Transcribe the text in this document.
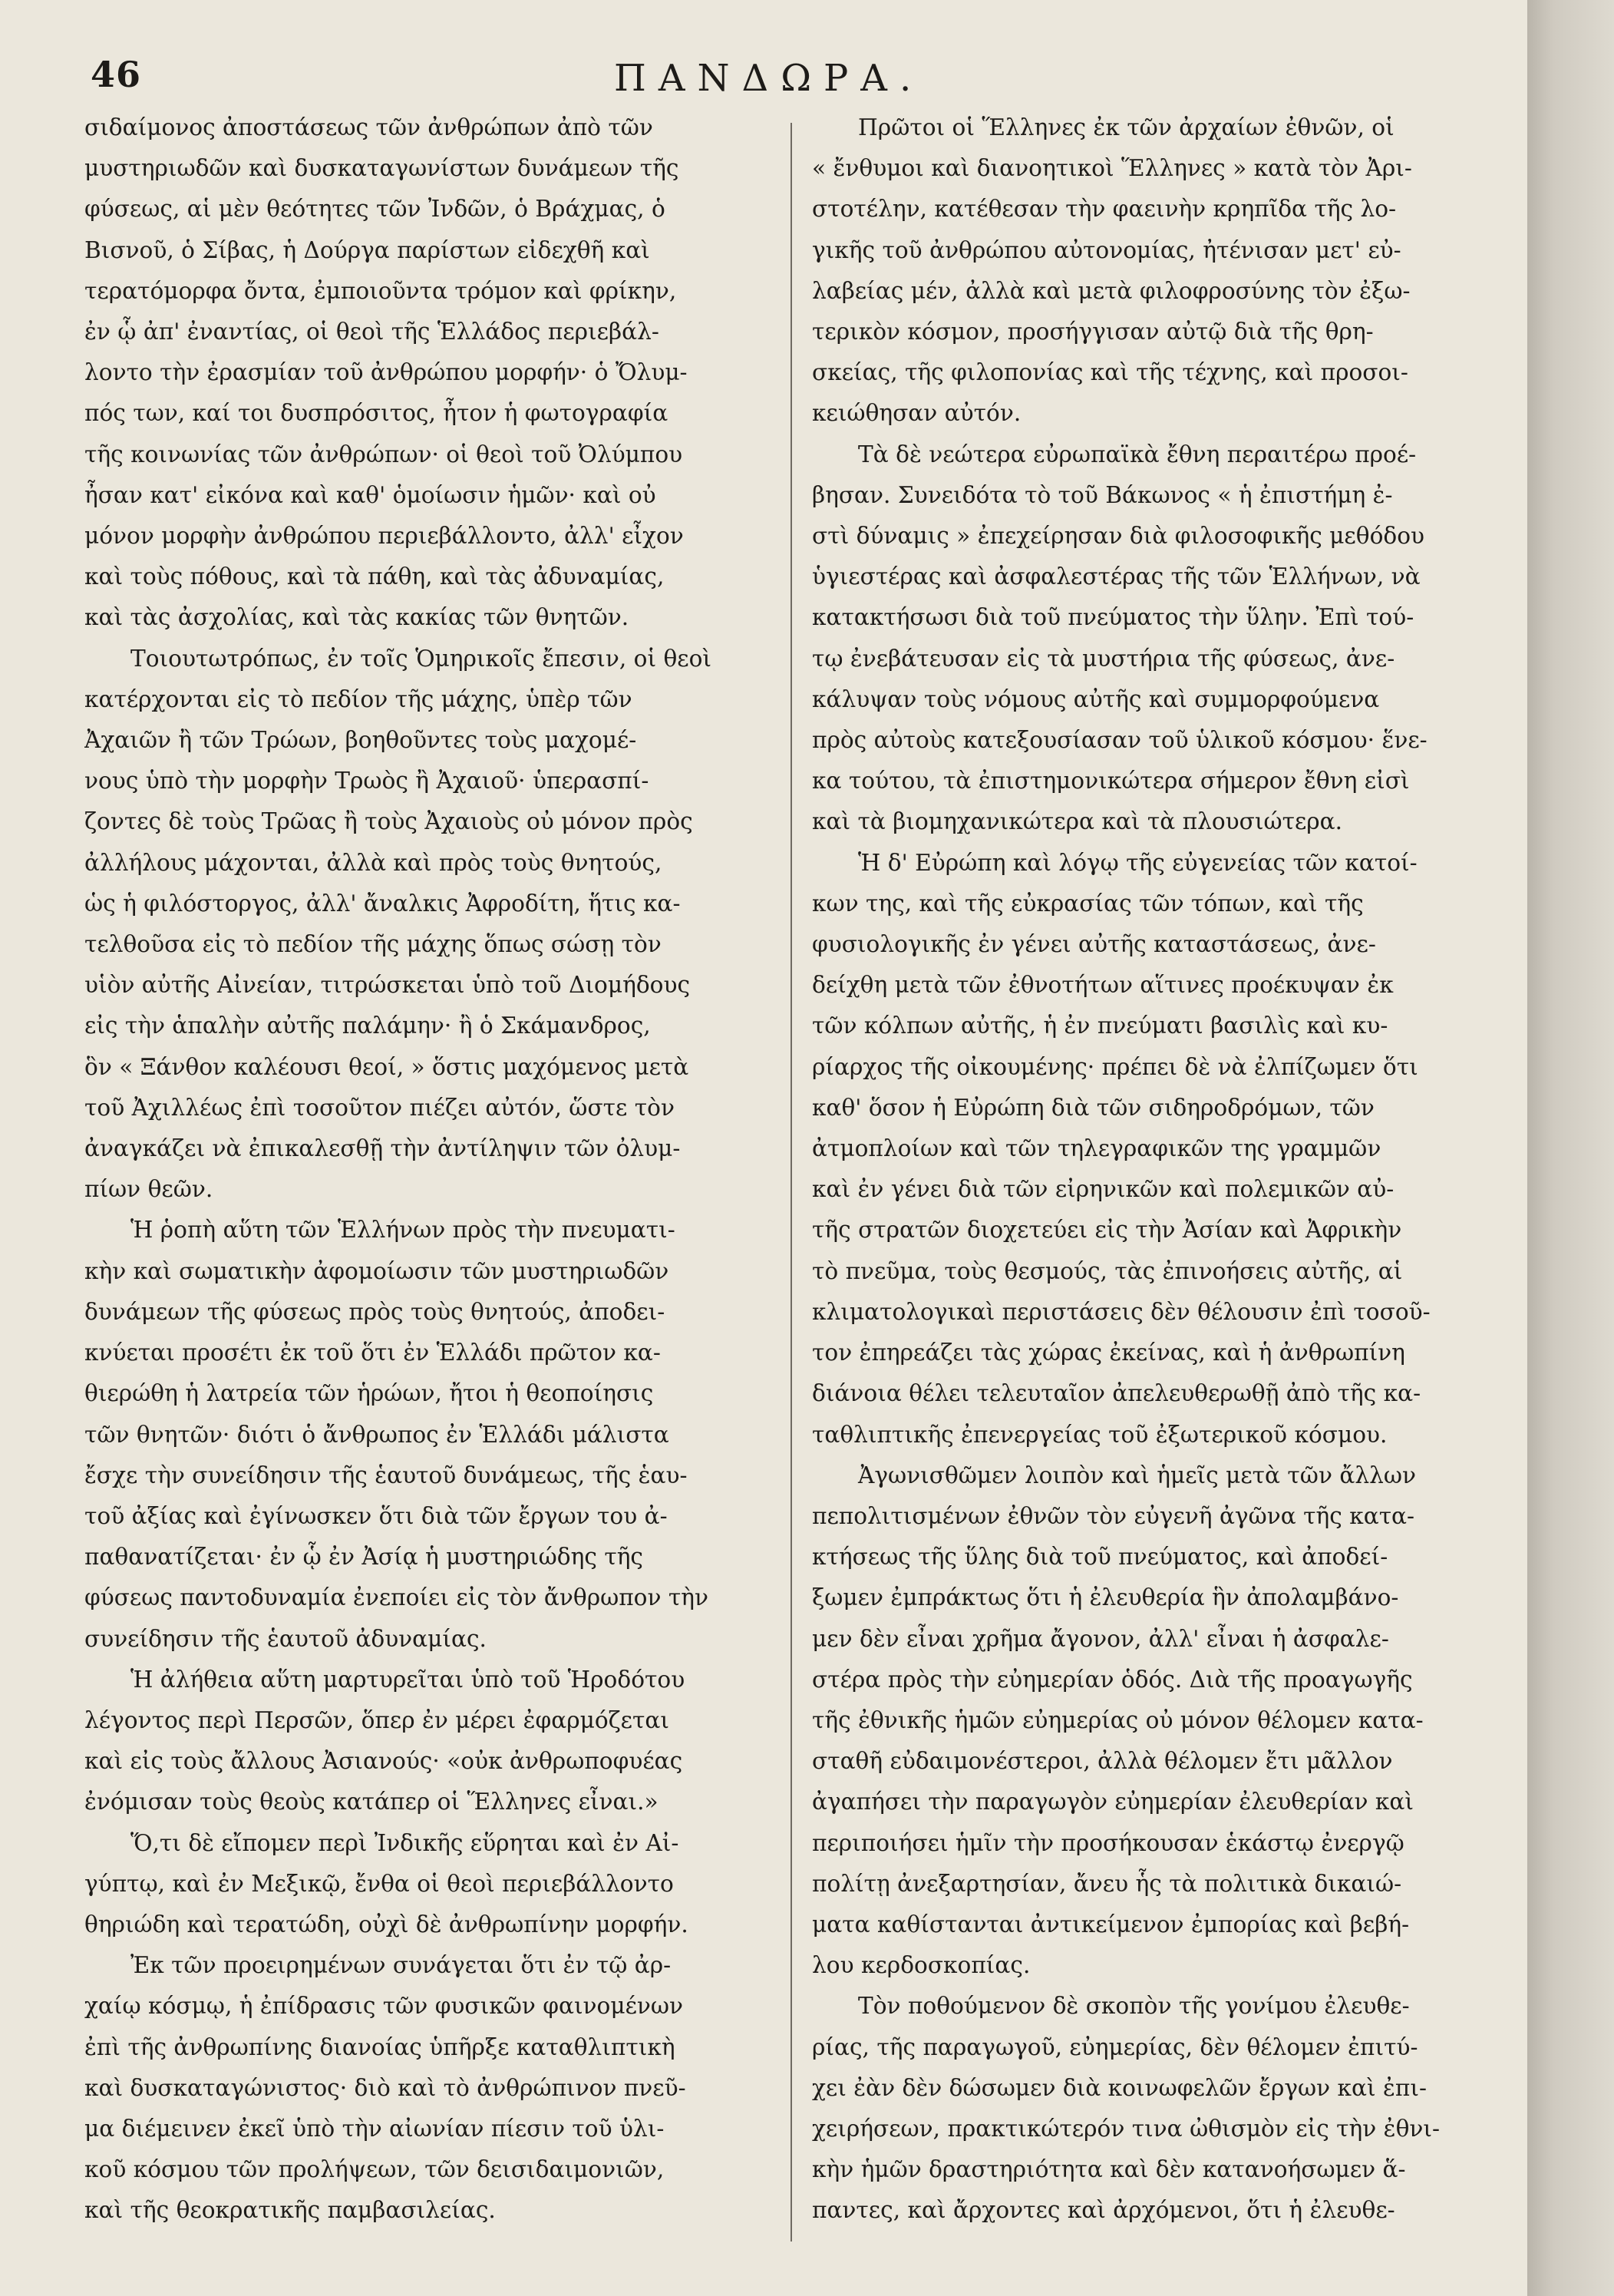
46	ΠΑΝΔΩΡΑ.
σιδαίμονος ἀποστάσεως τῶν ἀνθρώπων ἀπὸ τῶν
μυστηριωδῶν καὶ δυσκαταγωνίστων δυνάμεων τῆς
φύσεως, αἱ μὲν θεότητες τῶν Ἰνδῶν, ὁ Βράχμας, ὁ
Βισνοῦ, ὁ Σίβας, ἡ Δούργα παρίστων εἰδεχθῆ καὶ
τερατόμορφα ὄντα, ἐμποιοῦντα τρόμον καὶ φρίκην,
ἐν ᾧ ἀπ' ἐναντίας, οἱ θεοὶ τῆς Ἑλλάδος περιεβάλ-
λοντο τὴν ἐρασμίαν τοῦ ἀνθρώπου μορφήν· ὁ Ὄλυμ-
πός των, καί τοι δυσπρόσιτος, ἦτον ἡ φωτογραφία
τῆς κοινωνίας τῶν ἀνθρώπων· οἱ θεοὶ τοῦ Ὀλύμπου
ἦσαν κατ' εἰκόνα καὶ καθ' ὁμοίωσιν ἡμῶν· καὶ οὐ
μόνον μορφὴν ἀνθρώπου περιεβάλλοντο, ἀλλ' εἶχον
καὶ τοὺς πόθους, καὶ τὰ πάθη, καὶ τὰς ἀδυναμίας,
καὶ τὰς ἀσχολίας, καὶ τὰς κακίας τῶν θνητῶν.
Τοιουτωτρόπως, ἐν τοῖς Ὁμηρικοῖς ἔπεσιν, οἱ θεοὶ
κατέρχονται εἰς τὸ πεδίον τῆς μάχης, ὑπὲρ τῶν
Ἀχαιῶν ἢ τῶν Τρώων, βοηθοῦντες τοὺς μαχομέ-
νους ὑπὸ τὴν μορφὴν Τρωὸς ἢ Ἀχαιοῦ· ὑπερασπί-
ζοντες δὲ τοὺς Τρῶας ἢ τοὺς Ἀχαιοὺς οὐ μόνον πρὸς
ἀλλήλους μάχονται, ἀλλὰ καὶ πρὸς τοὺς θνητούς,
ὡς ἡ φιλόστοργος, ἀλλ' ἄναλκις Ἀφροδίτη, ἥτις κα-
τελθοῦσα εἰς τὸ πεδίον τῆς μάχης ὅπως σώσῃ τὸν
υἱὸν αὐτῆς Αἰνείαν, τιτρώσκεται ὑπὸ τοῦ Διομήδους
εἰς τὴν ἁπαλὴν αὐτῆς παλάμην· ἢ ὁ Σκάμανδρος,
ὃν « Ξάνθον καλέουσι θεοί, » ὅστις μαχόμενος μετὰ
τοῦ Ἀχιλλέως ἐπὶ τοσοῦτον πιέζει αὐτόν, ὥστε τὸν
ἀναγκάζει νὰ ἐπικαλεσθῇ τὴν ἀντίληψιν τῶν ὀλυμ-
πίων θεῶν.
Ἡ ῥοπὴ αὕτη τῶν Ἑλλήνων πρὸς τὴν πνευματι-
κὴν καὶ σωματικὴν ἀφομοίωσιν τῶν μυστηριωδῶν
δυνάμεων τῆς φύσεως πρὸς τοὺς θνητούς, ἀποδει-
κνύεται προσέτι ἐκ τοῦ ὅτι ἐν Ἑλλάδι πρῶτον κα-
θιερώθη ἡ λατρεία τῶν ἡρώων, ἤτοι ἡ θεοποίησις
τῶν θνητῶν· διότι ὁ ἄνθρωπος ἐν Ἑλλάδι μάλιστα
ἔσχε τὴν συνείδησιν τῆς ἑαυτοῦ δυνάμεως, τῆς ἑαυ-
τοῦ ἀξίας καὶ ἐγίνωσκεν ὅτι διὰ τῶν ἔργων του ἀ-
παθανατίζεται· ἐν ᾧ ἐν Ἀσίᾳ ἡ μυστηριώδης τῆς
φύσεως παντοδυναμία ἐνεποίει εἰς τὸν ἄνθρωπον τὴν
συνείδησιν τῆς ἑαυτοῦ ἀδυναμίας.
Ἡ ἀλήθεια αὕτη μαρτυρεῖται ὑπὸ τοῦ Ἡροδότου
λέγοντος περὶ Περσῶν, ὅπερ ἐν μέρει ἐφαρμόζεται
καὶ εἰς τοὺς ἄλλους Ἀσιανούς· «οὐκ ἀνθρωποφυέας
ἐνόμισαν τοὺς θεοὺς κατάπερ οἱ Ἕλληνες εἶναι.»
Ὅ,τι δὲ εἴπομεν περὶ Ἰνδικῆς εὕρηται καὶ ἐν Αἰ-
γύπτῳ, καὶ ἐν Μεξικῷ, ἔνθα οἱ θεοὶ περιεβάλλοντο
θηριώδη καὶ τερατώδη, οὐχὶ δὲ ἀνθρωπίνην μορφήν.
Ἐκ τῶν προειρημένων συνάγεται ὅτι ἐν τῷ ἀρ-
χαίῳ κόσμῳ, ἡ ἐπίδρασις τῶν φυσικῶν φαινομένων
ἐπὶ τῆς ἀνθρωπίνης διανοίας ὑπῆρξε καταθλιπτικὴ
καὶ δυσκαταγώνιστος· διὸ καὶ τὸ ἀνθρώπινον πνεῦ-
μα διέμεινεν ἐκεῖ ὑπὸ τὴν αἰωνίαν πίεσιν τοῦ ὑλι-
κοῦ κόσμου τῶν προλήψεων, τῶν δεισιδαιμονιῶν,
καὶ τῆς θεοκρατικῆς παμβασιλείας.
Πρῶτοι οἱ Ἕλληνες ἐκ τῶν ἀρχαίων ἐθνῶν, οἱ
« ἔνθυμοι καὶ διανοητικοὶ Ἕλληνες » κατὰ τὸν Ἀρι-
στοτέλην, κατέθεσαν τὴν φαεινὴν κρηπῖδα τῆς λο-
γικῆς τοῦ ἀνθρώπου αὐτονομίας, ἠτένισαν μετ' εὐ-
λαβείας μέν, ἀλλὰ καὶ μετὰ φιλοφροσύνης τὸν ἐξω-
τερικὸν κόσμον, προσήγγισαν αὐτῷ διὰ τῆς θρη-
σκείας, τῆς φιλοπονίας καὶ τῆς τέχνης, καὶ προσοι-
κειώθησαν αὐτόν.
Τὰ δὲ νεώτερα εὐρωπαϊκὰ ἔθνη περαιτέρω προέ-
βησαν. Συνειδότα τὸ τοῦ Βάκωνος « ἡ ἐπιστήμη ἐ-
στὶ δύναμις » ἐπεχείρησαν διὰ φιλοσοφικῆς μεθόδου
ὑγιεστέρας καὶ ἀσφαλεστέρας τῆς τῶν Ἑλλήνων, νὰ
κατακτήσωσι διὰ τοῦ πνεύματος τὴν ὕλην. Ἐπὶ τού-
τῳ ἐνεβάτευσαν εἰς τὰ μυστήρια τῆς φύσεως, ἀνε-
κάλυψαν τοὺς νόμους αὐτῆς καὶ συμμορφούμενα
πρὸς αὐτοὺς κατεξουσίασαν τοῦ ὑλικοῦ κόσμου· ἕνε-
κα τούτου, τὰ ἐπιστημονικώτερα σήμερον ἔθνη εἰσὶ
καὶ τὰ βιομηχανικώτερα καὶ τὰ πλουσιώτερα.
Ἡ δ' Εὐρώπη καὶ λόγῳ τῆς εὐγενείας τῶν κατοί-
κων της, καὶ τῆς εὐκρασίας τῶν τόπων, καὶ τῆς
φυσιολογικῆς ἐν γένει αὐτῆς καταστάσεως, ἀνε-
δείχθη μετὰ τῶν ἐθνοτήτων αἵτινες προέκυψαν ἐκ
τῶν κόλπων αὐτῆς, ἡ ἐν πνεύματι βασιλὶς καὶ κυ-
ρίαρχος τῆς οἰκουμένης· πρέπει δὲ νὰ ἐλπίζωμεν ὅτι
καθ' ὅσον ἡ Εὐρώπη διὰ τῶν σιδηροδρόμων, τῶν
ἀτμοπλοίων καὶ τῶν τηλεγραφικῶν της γραμμῶν
καὶ ἐν γένει διὰ τῶν εἰρηνικῶν καὶ πολεμικῶν αὐ-
τῆς στρατῶν διοχετεύει εἰς τὴν Ἀσίαν καὶ Ἀφρικὴν
τὸ πνεῦμα, τοὺς θεσμούς, τὰς ἐπινοήσεις αὐτῆς, αἱ
κλιματολογικαὶ περιστάσεις δὲν θέλουσιν ἐπὶ τοσοῦ-
τον ἐπηρεάζει τὰς χώρας ἐκείνας, καὶ ἡ ἀνθρωπίνη
διάνοια θέλει τελευταῖον ἀπελευθερωθῇ ἀπὸ τῆς κα-
ταθλιπτικῆς ἐπενεργείας τοῦ ἐξωτερικοῦ κόσμου.
Ἀγωνισθῶμεν λοιπὸν καὶ ἡμεῖς μετὰ τῶν ἄλλων
πεπολιτισμένων ἐθνῶν τὸν εὐγενῆ ἀγῶνα τῆς κατα-
κτήσεως τῆς ὕλης διὰ τοῦ πνεύματος, καὶ ἀποδεί-
ξωμεν ἐμπράκτως ὅτι ἡ ἐλευθερία ἣν ἀπολαμβάνο-
μεν δὲν εἶναι χρῆμα ἄγονον, ἀλλ' εἶναι ἡ ἀσφαλε-
στέρα πρὸς τὴν εὐημερίαν ὁδός. Διὰ τῆς προαγωγῆς
τῆς ἐθνικῆς ἡμῶν εὐημερίας οὐ μόνον θέλομεν κατα-
σταθῆ εὐδαιμονέστεροι, ἀλλὰ θέλομεν ἔτι μᾶλλον
ἀγαπήσει τὴν παραγωγὸν εὐημερίαν ἐλευθερίαν καὶ
περιποιήσει ἡμῖν τὴν προσήκουσαν ἑκάστῳ ἐνεργῷ
πολίτῃ ἀνεξαρτησίαν, ἄνευ ἧς τὰ πολιτικὰ δικαιώ-
ματα καθίστανται ἀντικείμενον ἐμπορίας καὶ βεβή-
λου κερδοσκοπίας.
Τὸν ποθούμενον δὲ σκοπὸν τῆς γονίμου ἐλευθε-
ρίας, τῆς παραγωγοῦ, εὐημερίας, δὲν θέλομεν ἐπιτύ-
χει ἐὰν δὲν δώσωμεν διὰ κοινωφελῶν ἔργων καὶ ἐπι-
χειρήσεων, πρακτικώτερόν τινα ὠθισμὸν εἰς τὴν ἐθνι-
κὴν ἡμῶν δραστηριότητα καὶ δὲν κατανοήσωμεν ἅ-
παντες, καὶ ἄρχοντες καὶ ἀρχόμενοι, ὅτι ἡ ἐλευθε-
